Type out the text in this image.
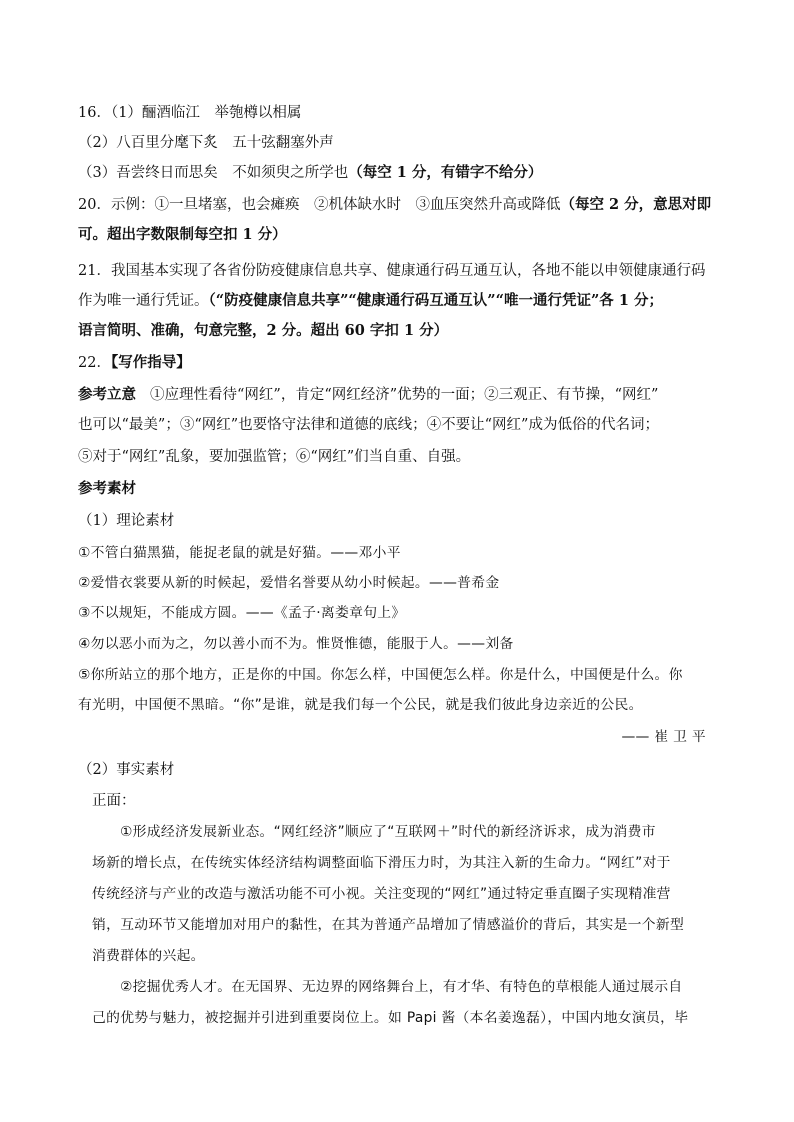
16．（1）酾酒临江　举匏樽以相属
（2）八百里分麾下炙　五十弦翻塞外声
（3）吾尝终日而思矣　不如须臾之所学也（每空 1 分，有错字不给分）
20．示例：①一旦堵塞，也会瘫痪　②机体缺水时　③血压突然升高或降低（每空 2 分，意思对即
可。超出字数限制每空扣 1 分）
21．我国基本实现了各省份防疫健康信息共享、健康通行码互通互认，各地不能以申领健康通行码
作为唯一通行凭证。（“防疫健康信息共享”“健康通行码互通互认”“唯一通行凭证”各 1 分；
语言简明、准确，句意完整，2 分。超出 60 字扣 1 分）
22．【写作指导】
参考立意 ①应理性看待“网红”，肯定“网红经济”优势的一面；②三观正、有节操，“网红”
也可以“最美”；③“网红”也要恪守法律和道德的底线；④不要让“网红”成为低俗的代名词；
⑤对于“网红”乱象，要加强监管；⑥“网红”们当自重、自强。
参考素材
（1）理论素材
①不管白猫黑猫，能捉老鼠的就是好猫。——邓小平
②爱惜衣裳要从新的时候起，爱惜名誉要从幼小时候起。——普希金
③不以规矩，不能成方圆。——《孟子·离娄章句上》
④勿以恶小而为之，勿以善小而不为。惟贤惟德，能服于人。——刘备
⑤你所站立的那个地方，正是你的中国。你怎么样，中国便怎么样。你是什么，中国便是什么。你
有光明，中国便不黑暗。“你”是谁，就是我们每一个公民，就是我们彼此身边亲近的公民。
—— 崔 卫 平
（2）事实素材
正面：
①形成经济发展新业态。“网红经济”顺应了“互联网＋”时代的新经济诉求，成为消费市
场新的增长点，在传统实体经济结构调整面临下滑压力时，为其注入新的生命力。“网红”对于
传统经济与产业的改造与激活功能不可小视。关注变现的“网红”通过特定垂直圈子实现精准营
销，互动环节又能增加对用户的黏性，在其为普通产品增加了情感溢价的背后，其实是一个新型
消费群体的兴起。
②挖掘优秀人才。在无国界、无边界的网络舞台上，有才华、有特色的草根能人通过展示自
己的优势与魅力，被挖掘并引进到重要岗位上。如 Papi 酱（本名姜逸磊），中国内地女演员，毕
